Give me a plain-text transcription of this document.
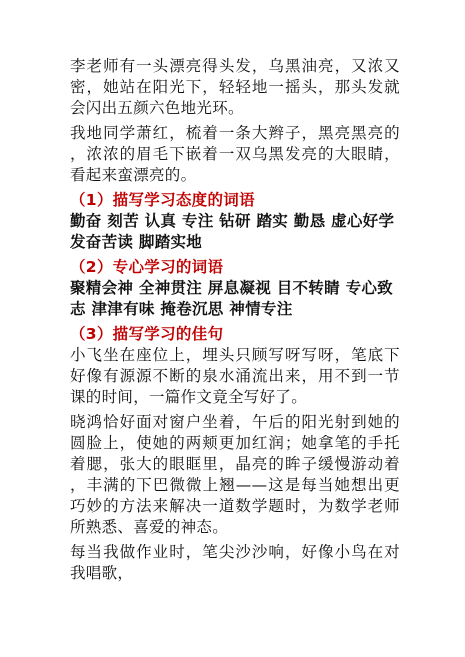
李老师有一头漂亮得头发，乌黑油亮，又浓又密，她站在阳光下，轻轻地一摇头，那头发就会闪出五颜六色地光环。

我地同学萧红，梳着一条大辫子，黑亮黑亮的，浓浓的眉毛下嵌着一双乌黑发亮的大眼睛，看起来蛮漂亮的。

（1）描写学习态度的词语

勤奋 刻苦 认真 专注 钻研 踏实 勤恳 虚心好学 发奋苦读 脚踏实地

（2）专心学习的词语

聚精会神 全神贯注 屏息凝视 目不转睛 专心致志 津津有味 掩卷沉思 神情专注

（3）描写学习的佳句

小飞坐在座位上，埋头只顾写呀写呀，笔底下好像有源源不断的泉水涌流出来，用不到一节课的时间，一篇作文竟全写好了。

晓鸿恰好面对窗户坐着，午后的阳光射到她的圆脸上，使她的两颊更加红润；她拿笔的手托着腮，张大的眼眶里，晶亮的眸子缓慢游动着，丰满的下巴微微上翘——这是每当她想出更巧妙的方法来解决一道数学题时，为数学老师所熟悉、喜爱的神态。

每当我做作业时，笔尖沙沙响，好像小鸟在对我唱歌，
